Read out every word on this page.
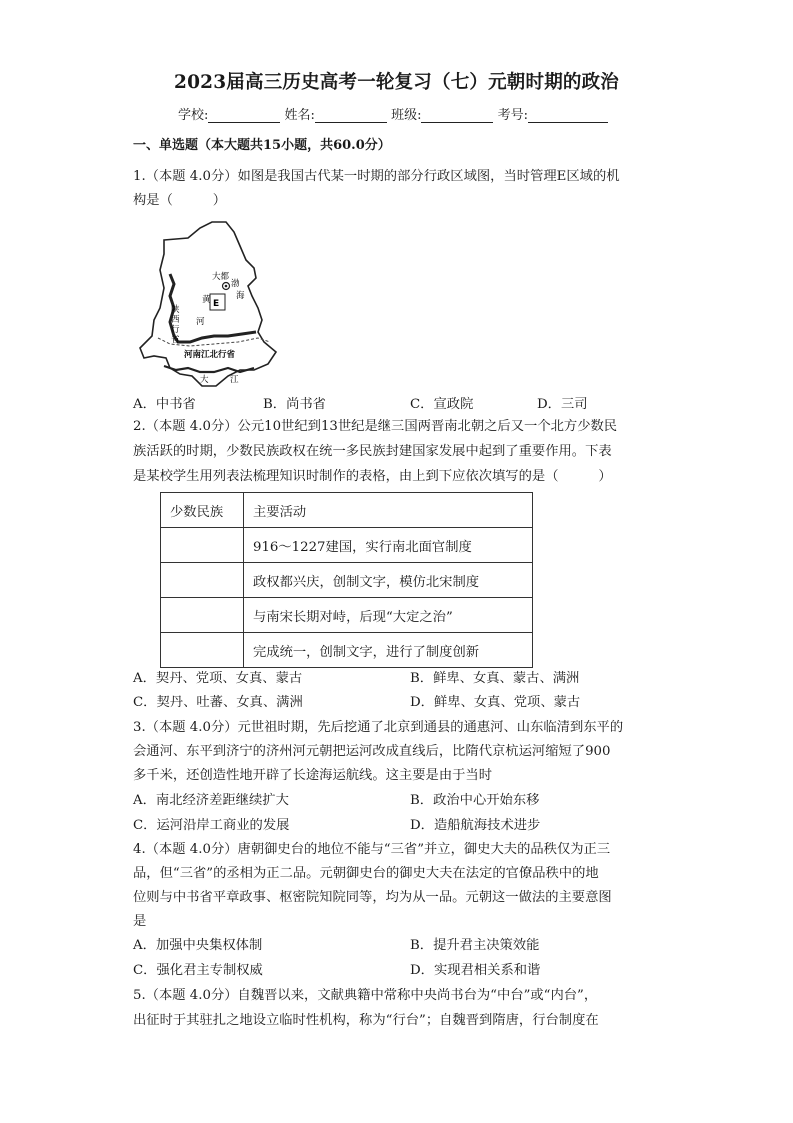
2023届高三历史高考一轮复习（七）元朝时期的政治
学校:	姓名:	班级:	考号:
一、单选题（本大题共15小题，共60.0分）
1.（本题 4.0分）如图是我国古代某一时期的部分行政区域图，当时管理E区域的机
构是（　　　）
E
大都
渤
海
黄
河
陕
西
行
省
河南江北行省
大	江
A．中书省	B．尚书省	C．宣政院	D．三司
2.（本题 4.0分）公元10世纪到13世纪是继三国两晋南北朝之后又一个北方少数民
族活跃的时期，少数民族政权在统一多民族封建国家发展中起到了重要作用。下表
是某校学生用列表法梳理知识时制作的表格，由上到下应依次填写的是（　　　）
少数民族	主要活动
	916～1227建国，实行南北面官制度
	政权都兴庆，创制文字，模仿北宋制度
	与南宋长期对峙，后现“大定之治”
	完成统一，创制文字，进行了制度创新
A．契丹、党项、女真、蒙古	B．鲜卑、女真、蒙古、满洲
C．契丹、吐蕃、女真、满洲	D．鲜卑、女真、党项、蒙古
3.（本题 4.0分）元世祖时期，先后挖通了北京到通县的通惠河、山东临清到东平的
会通河、东平到济宁的济州河元朝把运河改成直线后，比隋代京杭运河缩短了900
多千米，还创造性地开辟了长途海运航线。这主要是由于当时
A．南北经济差距继续扩大	B．政治中心开始东移
C．运河沿岸工商业的发展	D．造船航海技术进步
4.（本题 4.0分）唐朝御史台的地位不能与“三省”并立，御史大夫的品秩仅为正三
品，但“三省”的丞相为正二品。元朝御史台的御史大夫在法定的官僚品秩中的地
位则与中书省平章政事、枢密院知院同等，均为从一品。元朝这一做法的主要意图
是
A．加强中央集权体制	B．提升君主决策效能
C．强化君主专制权威	D．实现君相关系和谐
5.（本题 4.0分）自魏晋以来，文献典籍中常称中央尚书台为“中台”或“内台”，
出征时于其驻扎之地设立临时性机构，称为“行台”；自魏晋到隋唐，行台制度在
